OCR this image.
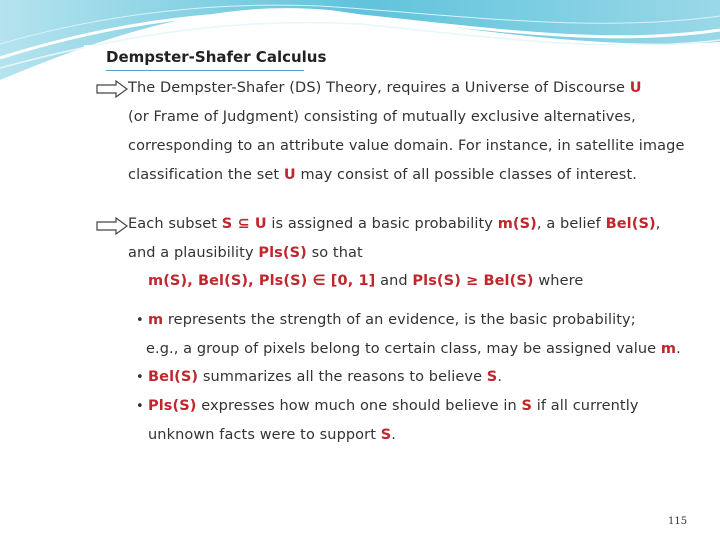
Dempster-Shafer Calculus
The Dempster-Shafer (DS) Theory, requires a Universe of Discourse U
(or Frame of Judgment) consisting of mutually exclusive alternatives,
corresponding to an attribute value domain. For instance, in satellite image
classification the set U may consist of all possible classes of interest.
Each subset S ⊆ U is assigned a basic probability m(S), a belief Bel(S),
and a plausibility Pls(S) so that
m(S), Bel(S), Pls(S) ∈ [0, 1] and Pls(S) ≥ Bel(S) where
• m represents the strength of an evidence, is the basic probability;
e.g., a group of pixels belong to certain class, may be assigned value m.
• Bel(S) summarizes all the reasons to believe S.
• Pls(S) expresses how much one should believe in S if all currently
unknown facts were to support S.
115
